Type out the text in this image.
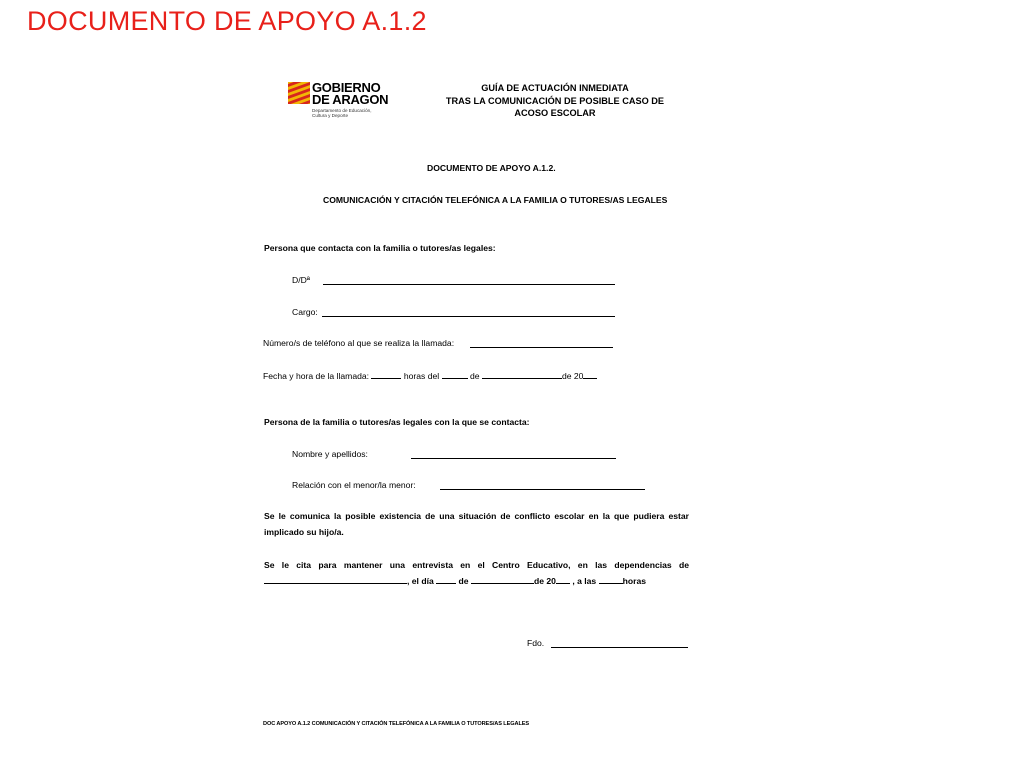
DOCUMENTO DE APOYO A.1.2
GOBIERNO
DE ARAGON
Departamento de Educación,
Cultura y Deporte
GUÍA DE ACTUACIÓN INMEDIATA
TRAS LA COMUNICACIÓN DE POSIBLE CASO DE
ACOSO ESCOLAR
DOCUMENTO DE APOYO A.1.2.
COMUNICACIÓN Y CITACIÓN TELEFÓNICA A LA FAMILIA O TUTORES/AS LEGALES
Persona que contacta con la familia o tutores/as legales:
D/Dª
Cargo:
Número/s de teléfono al que se realiza la llamada:
Fecha y hora de la llamada:	horas del	de	de 20
Persona de la familia o tutores/as legales con la que se contacta:
Nombre y apellidos:
Relación con el menor/la menor:
Se le comunica la posible existencia de una situación de conflicto escolar en la que pudiera estar
implicado su hijo/a.
Se le cita para mantener una entrevista en el Centro Educativo, en las dependencias de
, el día	de	de 20 , a las	horas
Fdo.
DOC APOYO A.1.2 COMUNICACIÓN Y CITACIÓN TELEFÓNICA A LA FAMILIA O TUTORES/AS LEGALES
